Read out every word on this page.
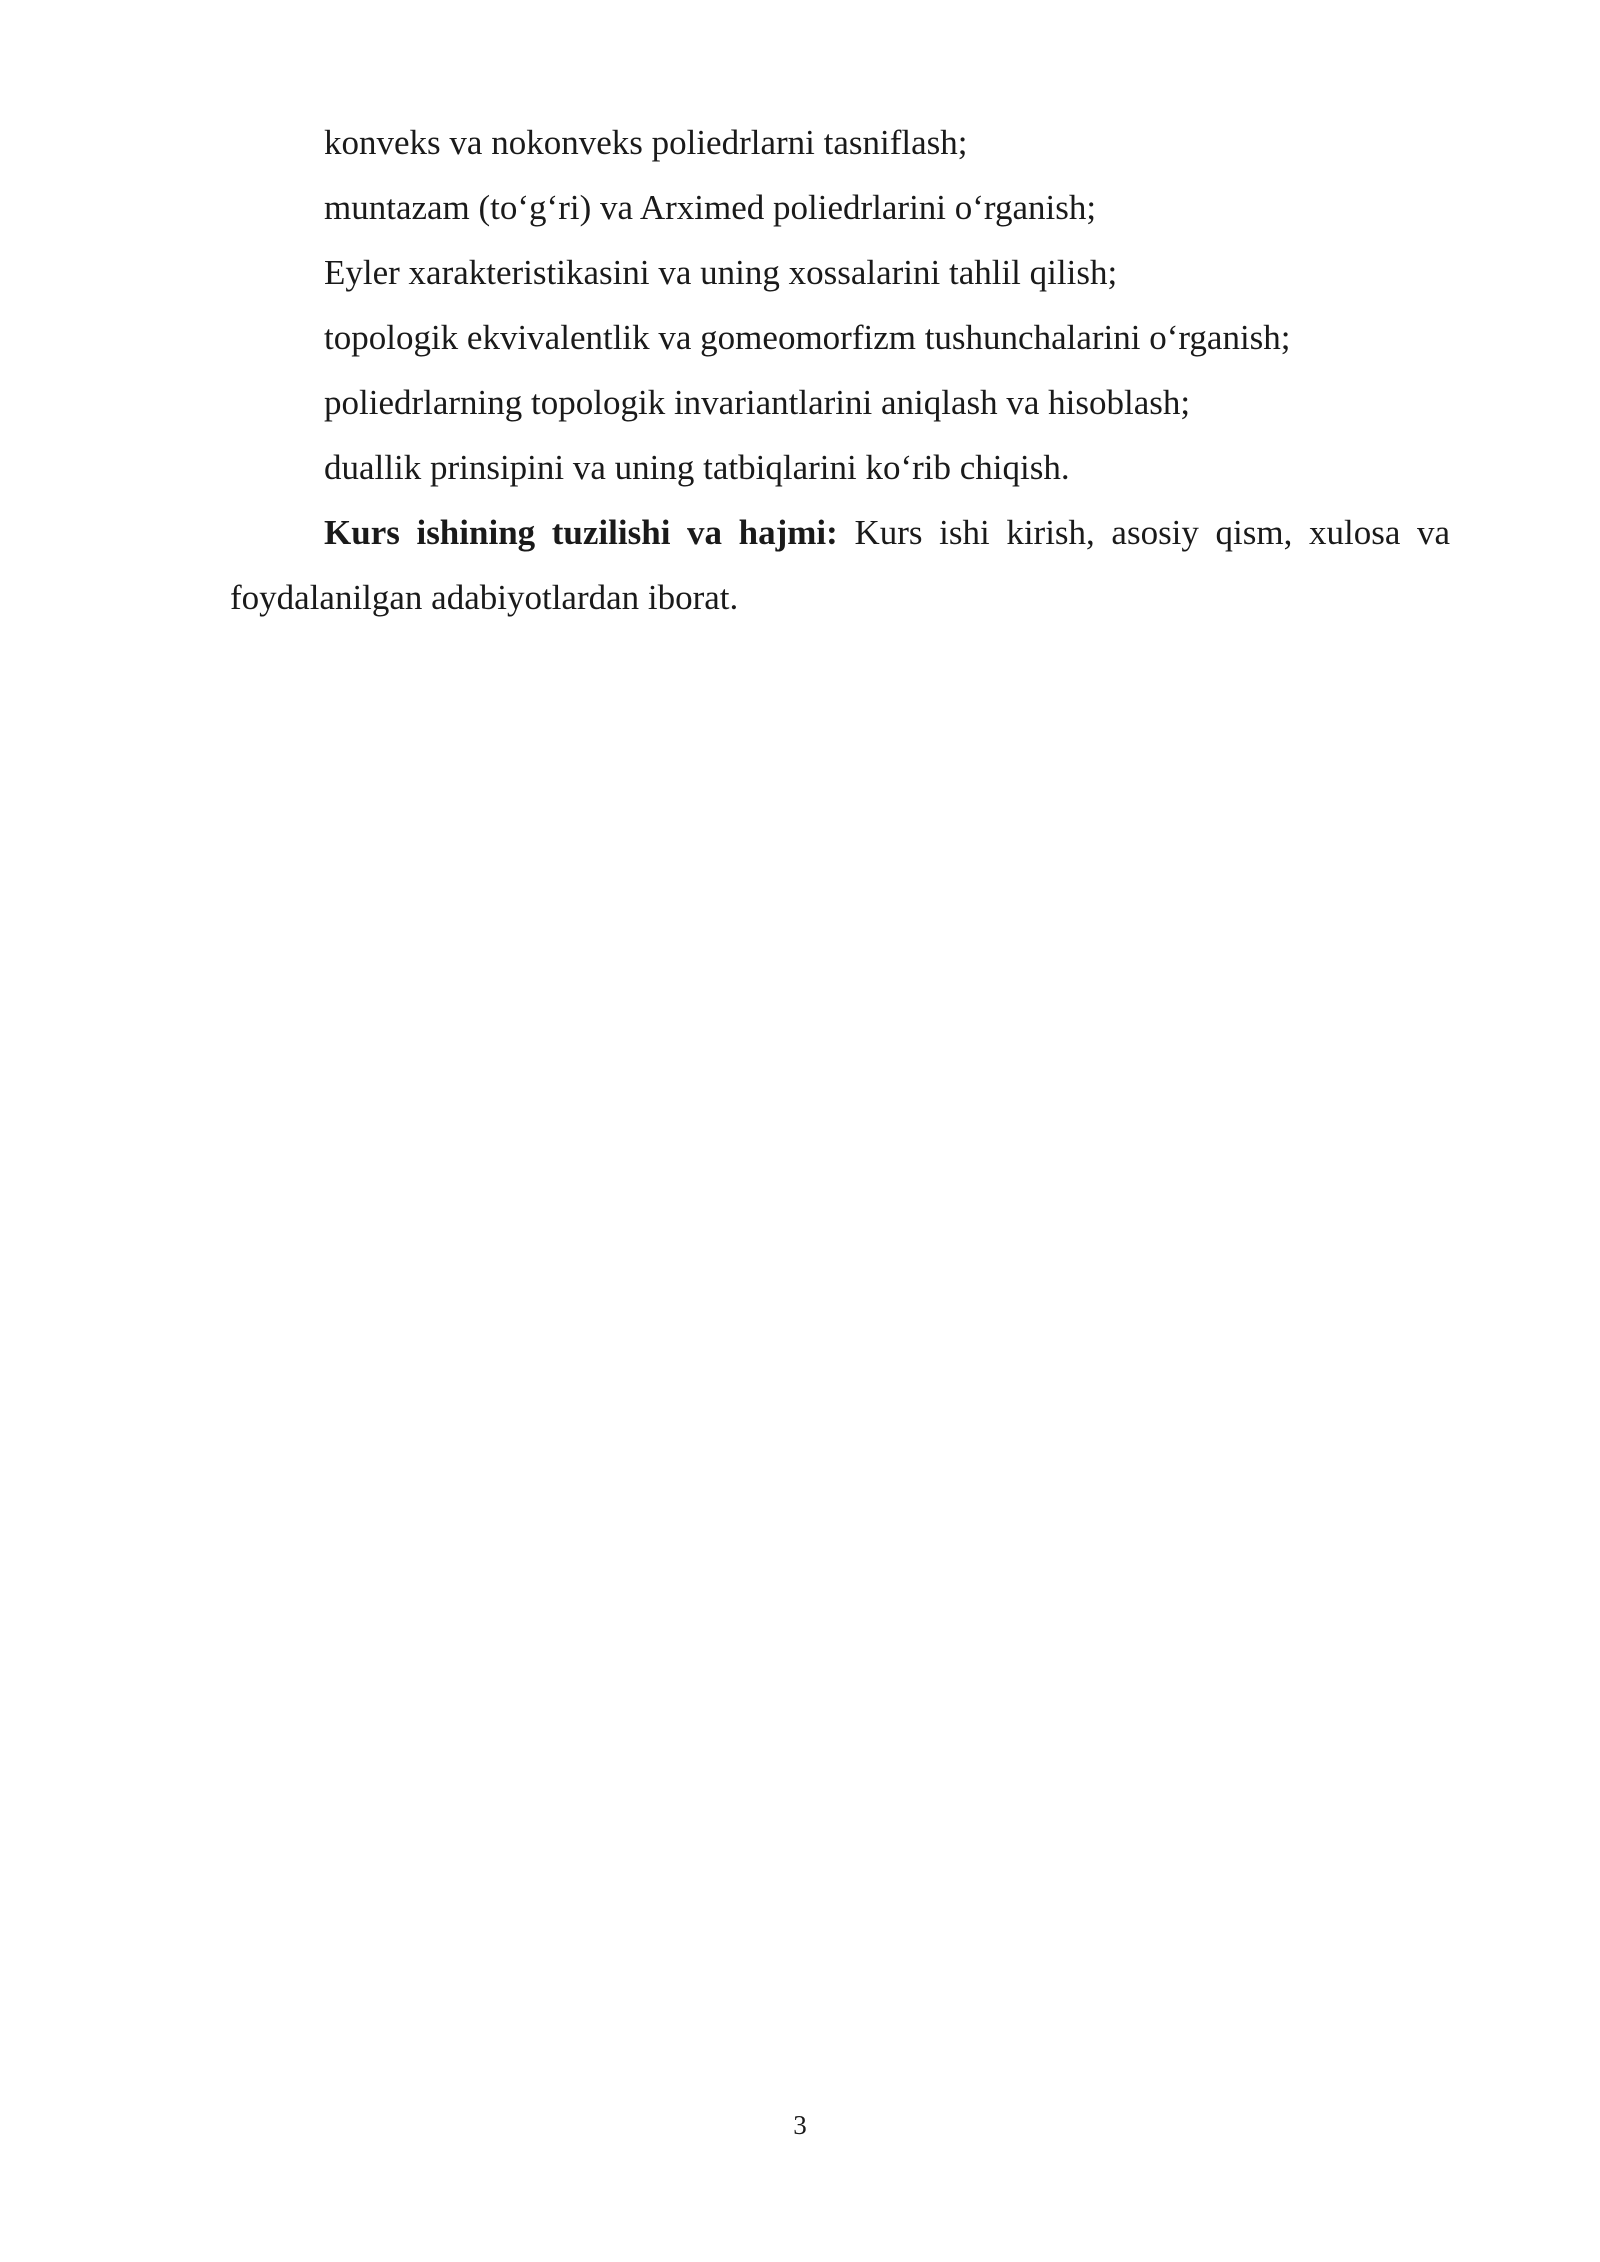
konveks va nokonveks poliedrlarni tasniflash;

muntazam (to‘g‘ri) va Arximed poliedrlarini o‘rganish;

Eyler xarakteristikasini va uning xossalarini tahlil qilish;

topologik ekvivalentlik va gomeomorfizm tushunchalarini o‘rganish;

poliedrlarning topologik invariantlarini aniqlash va hisoblash;

duallik prinsipini va uning tatbiqlarini ko‘rib chiqish.

Kurs ishining tuzilishi va hajmi: Kurs ishi kirish, asosiy qism, xulosa va foydalanilgan adabiyotlardan iborat.

3
